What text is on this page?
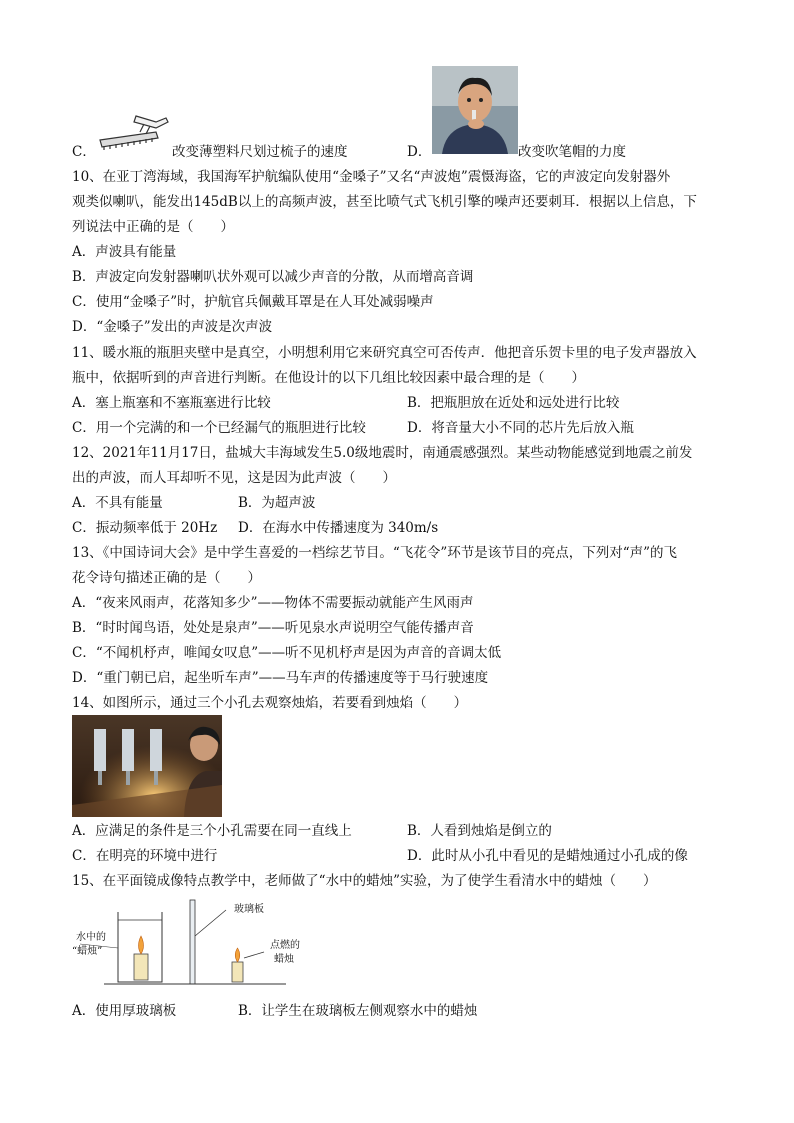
C．	改变薄塑料尺划过梳子的速度	D．	改变吹笔帽的力度
10、在亚丁湾海域，我国海军护航编队使用“金嗓子”又名“声波炮”震慑海盗，它的声波定向发射器外
观类似喇叭，能发出145dB以上的高频声波，甚至比喷气式飞机引擎的噪声还要刺耳．根据以上信息，下
列说法中正确的是（　　）
A．声波具有能量
B．声波定向发射器喇叭状外观可以减少声音的分散，从而增高音调
C．使用“金嗓子”时，护航官兵佩戴耳罩是在人耳处减弱噪声
D．“金嗓子”发出的声波是次声波
11、暖水瓶的瓶胆夹壁中是真空，小明想利用它来研究真空可否传声．他把音乐贺卡里的电子发声器放入
瓶中，依据听到的声音进行判断。在他设计的以下几组比较因素中最合理的是（　　）
A．塞上瓶塞和不塞瓶塞进行比较	B．把瓶胆放在近处和远处进行比较
C．用一个完满的和一个已经漏气的瓶胆进行比较	D．将音量大小不同的芯片先后放入瓶
12、2021年11月17日，盐城大丰海域发生5.0级地震时，南通震感强烈。某些动物能感觉到地震之前发
出的声波，而人耳却听不见，这是因为此声波（　　）
A．不具有能量	B．为超声波
C．振动频率低于 20Hz D．在海水中传播速度为 340m/s
13、《中国诗词大会》是中学生喜爱的一档综艺节目。“飞花令”环节是该节目的亮点，下列对“声”的飞
花令诗句描述正确的是（　　）
A．“夜来风雨声，花落知多少”——物体不需要振动就能产生风雨声
B．“时时闻鸟语，处处是泉声”——听见泉水声说明空气能传播声音
C．“不闻机杼声，唯闻女叹息”——听不见机杼声是因为声音的音调太低
D．“重门朝已启，起坐听车声”——马车声的传播速度等于马行驶速度
14、如图所示，通过三个小孔去观察烛焰，若要看到烛焰（　　）
A．应满足的条件是三个小孔需要在同一直线上	B．人看到烛焰是倒立的
C．在明亮的环境中进行	D．此时从小孔中看见的是蜡烛通过小孔成的像
15、在平面镜成像特点教学中，老师做了“水中的蜡烛”实验，为了使学生看清水中的蜡烛（　　）
玻璃板
水中的
“蜡烛”
点燃的
蜡烛
A．使用厚玻璃板	B．让学生在玻璃板左侧观察水中的蜡烛
